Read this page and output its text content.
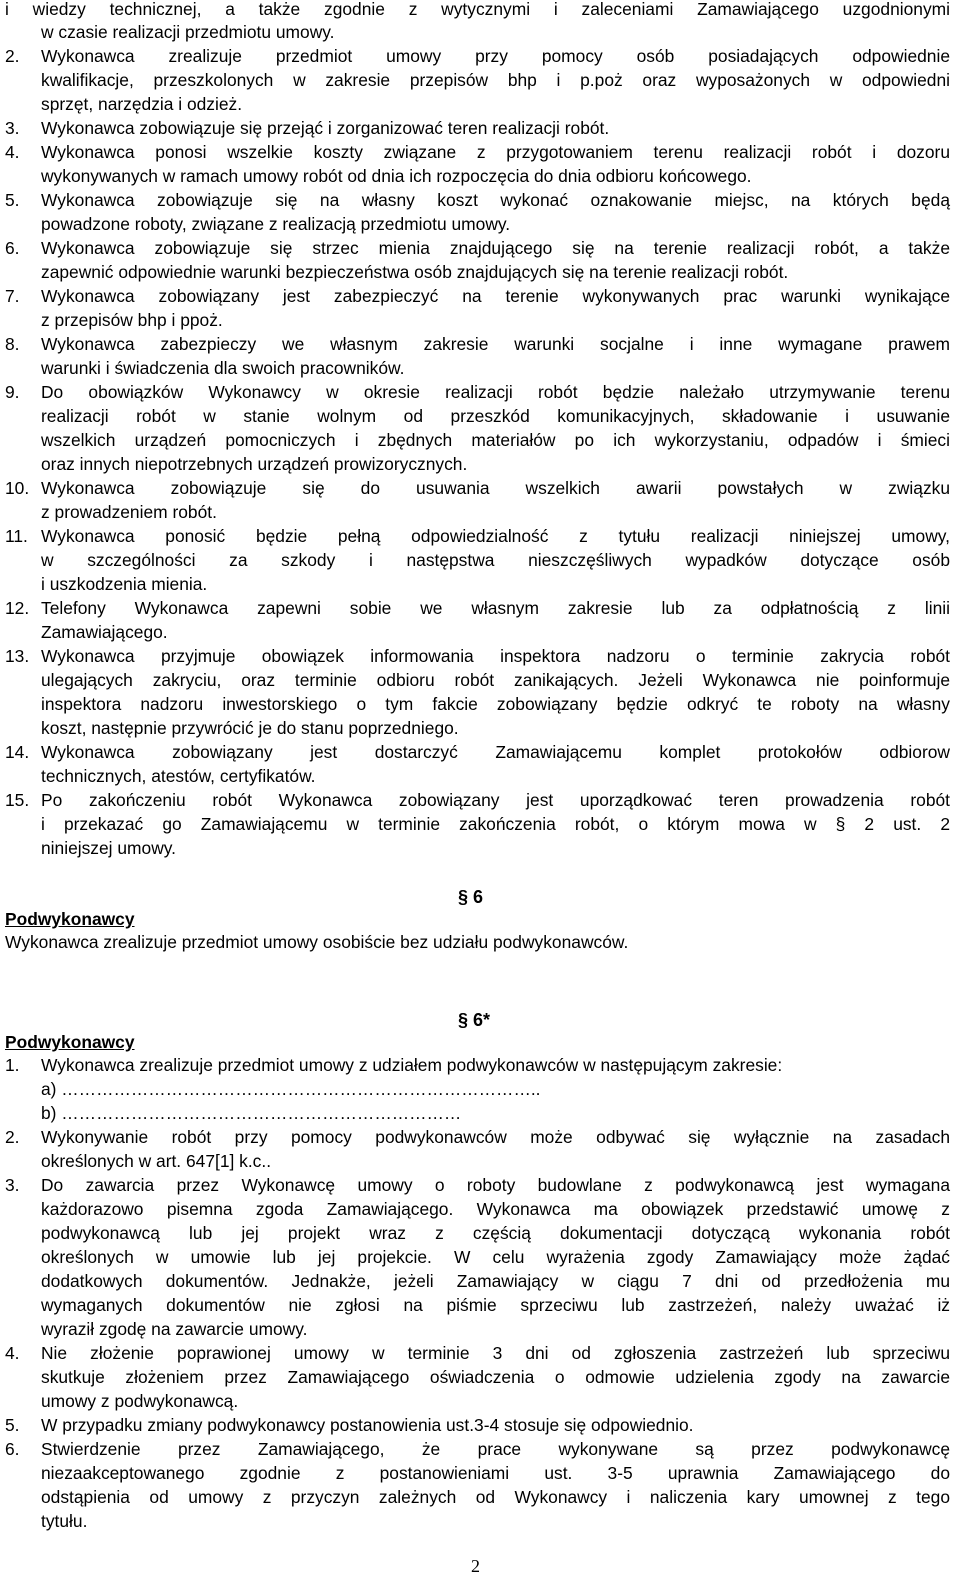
i wiedzy technicznej, a także zgodnie z wytycznymi i zaleceniami Zamawiającego uzgodnionymi
w czasie realizacji przedmiotu umowy.
2. Wykonawca zrealizuje przedmiot umowy przy pomocy osób posiadających odpowiednie
kwalifikacje, przeszkolonych w zakresie przepisów bhp i p.poż oraz wyposażonych w odpowiedni
sprzęt, narzędzia i odzież.
3. Wykonawca zobowiązuje się przejąć i zorganizować teren realizacji robót.
4. Wykonawca ponosi wszelkie koszty związane z przygotowaniem terenu realizacji robót i dozoru
wykonywanych w ramach umowy robót od dnia ich rozpoczęcia do dnia odbioru końcowego.
5. Wykonawca zobowiązuje się na własny koszt wykonać oznakowanie miejsc, na których będą
powadzone roboty, związane z realizacją przedmiotu umowy.
6. Wykonawca zobowiązuje się strzec mienia znajdującego się na terenie realizacji robót, a także
zapewnić odpowiednie warunki bezpieczeństwa osób znajdujących się na terenie realizacji robót.
7. Wykonawca zobowiązany jest zabezpieczyć na terenie wykonywanych prac warunki wynikające
z przepisów bhp i ppoż.
8. Wykonawca zabezpieczy we własnym zakresie warunki socjalne i inne wymagane prawem
warunki i świadczenia dla swoich pracowników.
9. Do obowiązków Wykonawcy w okresie realizacji robót będzie należało utrzymywanie terenu
realizacji robót w stanie wolnym od przeszkód komunikacyjnych, składowanie i usuwanie
wszelkich urządzeń pomocniczych i zbędnych materiałów po ich wykorzystaniu, odpadów i śmieci
oraz innych niepotrzebnych urządzeń prowizorycznych.
10. Wykonawca zobowiązuje się do usuwania wszelkich awarii powstałych w związku
z prowadzeniem robót.
11. Wykonawca ponosić będzie pełną odpowiedzialność z tytułu realizacji niniejszej umowy,
w szczególności za szkody i następstwa nieszczęśliwych wypadków dotyczące osób
i uszkodzenia mienia.
12. Telefony Wykonawca zapewni sobie we własnym zakresie lub za odpłatnością z linii
Zamawiającego.
13. Wykonawca przyjmuje obowiązek informowania inspektora nadzoru o terminie zakrycia robót
ulegających zakryciu, oraz terminie odbioru robót zanikających. Jeżeli Wykonawca nie poinformuje
inspektora nadzoru inwestorskiego o tym fakcie zobowiązany będzie odkryć te roboty na własny
koszt, następnie przywrócić je do stanu poprzedniego.
14. Wykonawca zobowiązany jest dostarczyć Zamawiającemu komplet protokołów odbiorow
technicznych, atestów, certyfikatów.
15. Po zakończeniu robót Wykonawca zobowiązany jest uporządkować teren prowadzenia robót
i przekazać go Zamawiającemu w terminie zakończenia robót, o którym mowa w § 2 ust. 2
niniejszej umowy.
§ 6
Podwykonawcy
Wykonawca zrealizuje przedmiot umowy osobiście bez udziału podwykonawców.
§ 6*
Podwykonawcy
1. Wykonawca zrealizuje przedmiot umowy z udziałem podwykonawców w następującym zakresie:
a) ………………………………………………………………………..
b) ……………………………………………………………
2. Wykonywanie robót przy pomocy podwykonawców może odbywać się wyłącznie na zasadach
określonych w art. 647[1] k.c..
3. Do zawarcia przez Wykonawcę umowy o roboty budowlane z podwykonawcą jest wymagana
każdorazowo pisemna zgoda Zamawiającego. Wykonawca ma obowiązek przedstawić umowę z
podwykonawcą lub jej projekt wraz z częścią dokumentacji dotyczącą wykonania robót
określonych w umowie lub jej projekcie. W celu wyrażenia zgody Zamawiający może żądać
dodatkowych dokumentów. Jednakże, jeżeli Zamawiający w ciągu 7 dni od przedłożenia mu
wymaganych dokumentów nie zgłosi na piśmie sprzeciwu lub zastrzeżeń, należy uważać iż
wyraził zgodę na zawarcie umowy.
4. Nie złożenie poprawionej umowy w terminie 3 dni od zgłoszenia zastrzeżeń lub sprzeciwu
skutkuje złożeniem przez Zamawiającego oświadczenia o odmowie udzielenia zgody na zawarcie
umowy z podwykonawcą.
5. W przypadku zmiany podwykonawcy postanowienia ust.3-4 stosuje się odpowiednio.
6. Stwierdzenie przez Zamawiającego, że prace wykonywane są przez podwykonawcę
niezaakceptowanego zgodnie z postanowieniami ust. 3-5 uprawnia Zamawiającego do
odstąpienia od umowy z przyczyn zależnych od Wykonawcy i naliczenia kary umownej z tego
tytułu.
2
